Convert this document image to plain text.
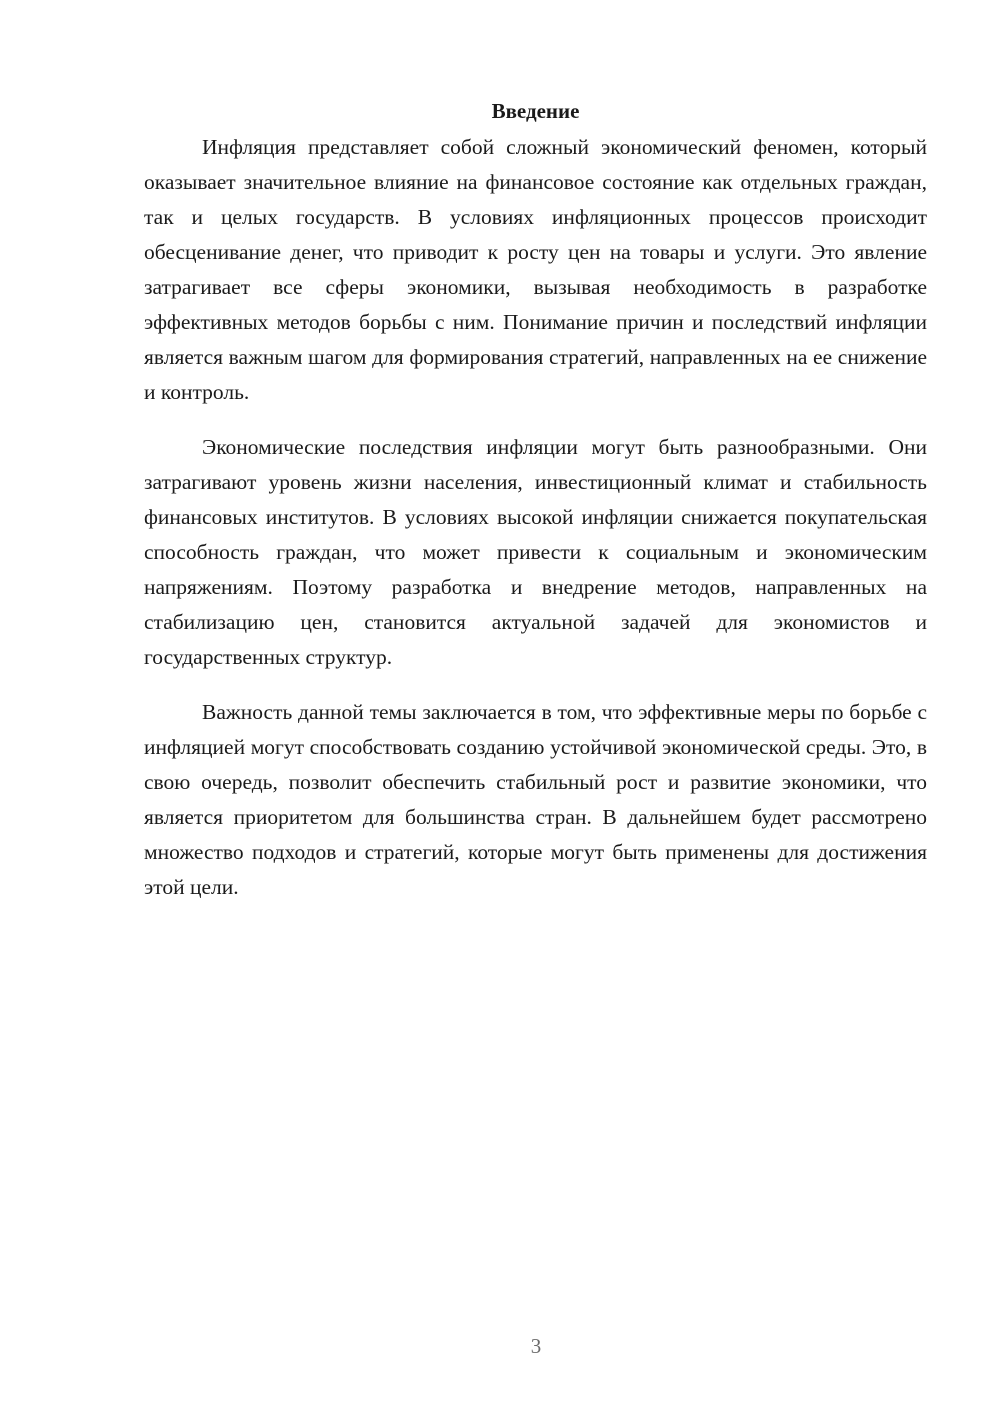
Введение

Инфляция представляет собой сложный экономический феномен, который оказывает значительное влияние на финансовое состояние как отдельных граждан, так и целых государств. В условиях инфляционных процессов происходит обесценивание денег, что приводит к росту цен на товары и услуги. Это явление затрагивает все сферы экономики, вызывая необходимость в разработке эффективных методов борьбы с ним. Понимание причин и последствий инфляции является важным шагом для формирования стратегий, направленных на ее снижение и контроль.

Экономические последствия инфляции могут быть разнообразными. Они затрагивают уровень жизни населения, инвестиционный климат и стабильность финансовых институтов. В условиях высокой инфляции снижается покупательская способность граждан, что может привести к социальным и экономическим напряжениям. Поэтому разработка и внедрение методов, направленных на стабилизацию цен, становится актуальной задачей для экономистов и государственных структур.

Важность данной темы заключается в том, что эффективные меры по борьбе с инфляцией могут способствовать созданию устойчивой экономической среды. Это, в свою очередь, позволит обеспечить стабильный рост и развитие экономики, что является приоритетом для большинства стран. В дальнейшем будет рассмотрено множество подходов и стратегий, которые могут быть применены для достижения этой цели.

3
